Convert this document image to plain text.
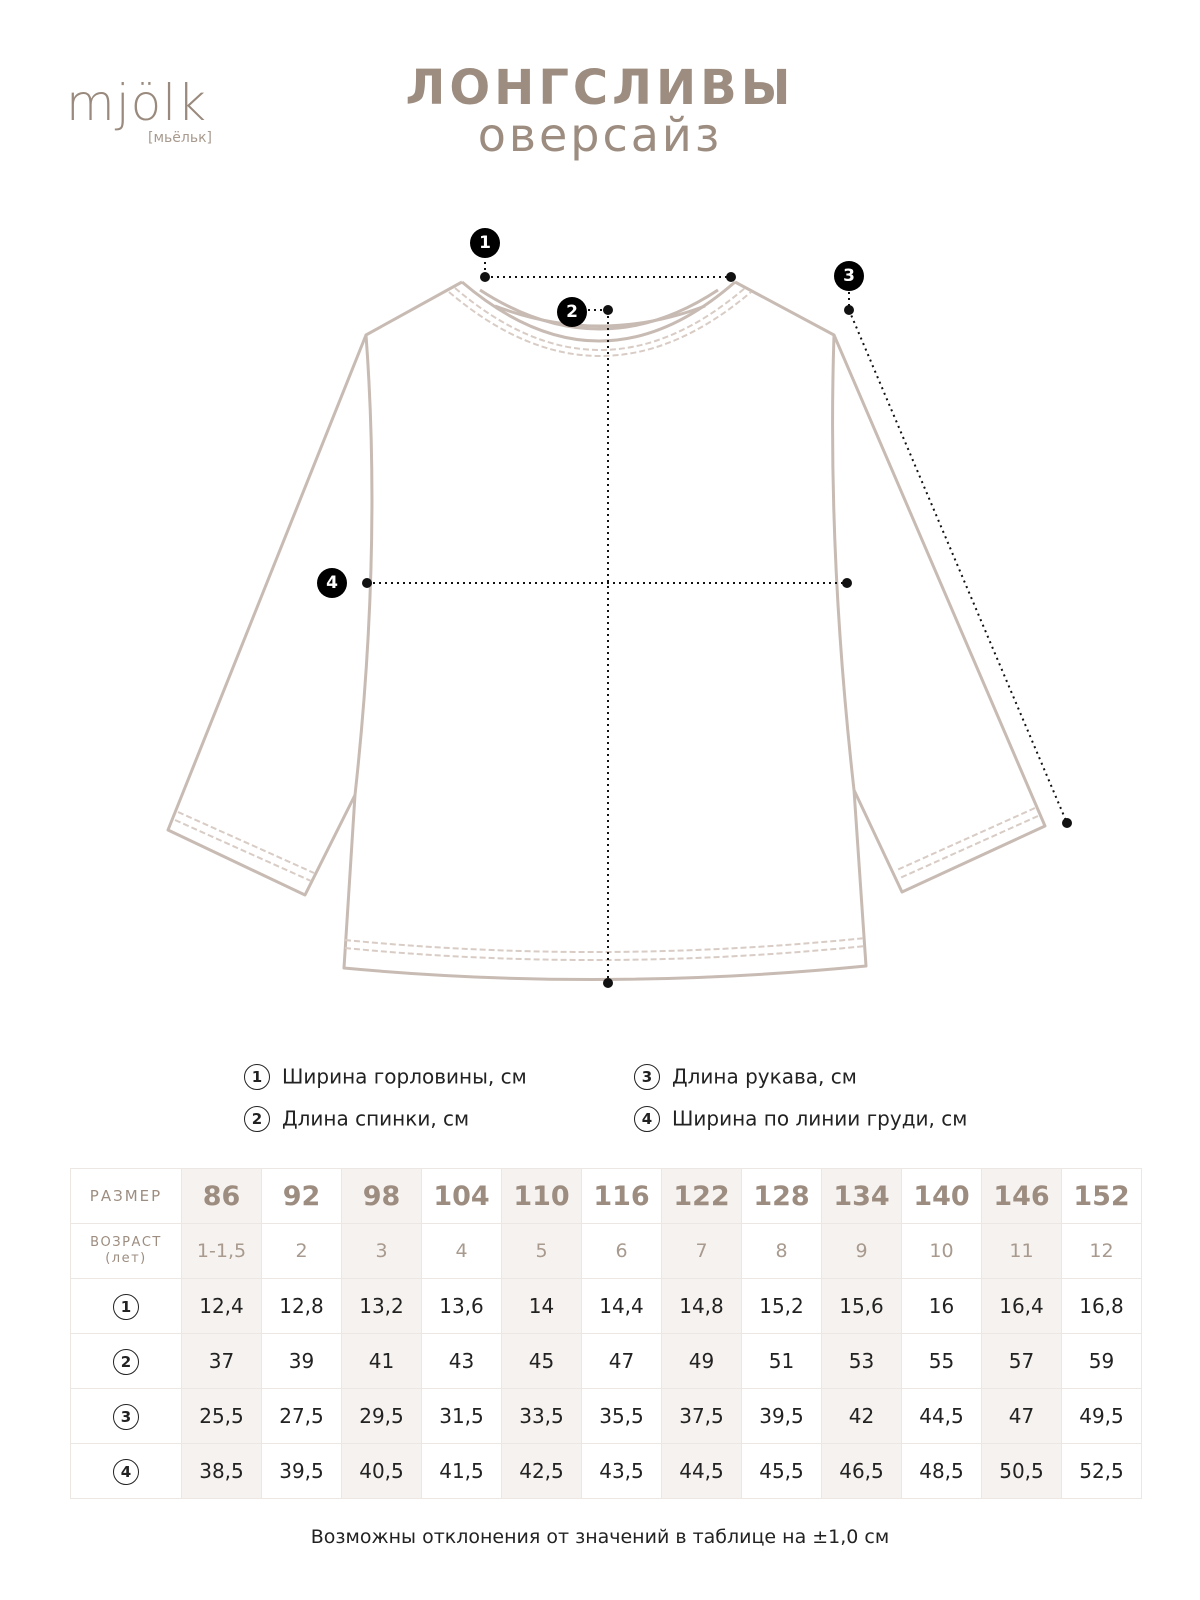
mjölk
[мьёльк]
ЛОНГСЛИВЫ
оверсайз
1
2
3
4
1 Ширина горловины, см
2 Длина спинки, см
3 Длина рукава, см
4 Ширина по линии груди, см
РАЗМЕР	86	92	98	104	110	116	122	128	134	140	146	152

ВОЗРАСТ
(лет)	1-1,5	2	3	4	5	6	7	8	9	10	11	12
1	12,4	12,8	13,2	13,6	14	14,4	14,8	15,2	15,6	16	16,4	16,8
2	37	39	41	43	45	47	49	51	53	55	57	59
3	25,5	27,5	29,5	31,5	33,5	35,5	37,5	39,5	42	44,5	47	49,5
4	38,5	39,5	40,5	41,5	42,5	43,5	44,5	45,5	46,5	48,5	50,5	52,5
Возможны отклонения от значений в таблице на ±1,0 см
